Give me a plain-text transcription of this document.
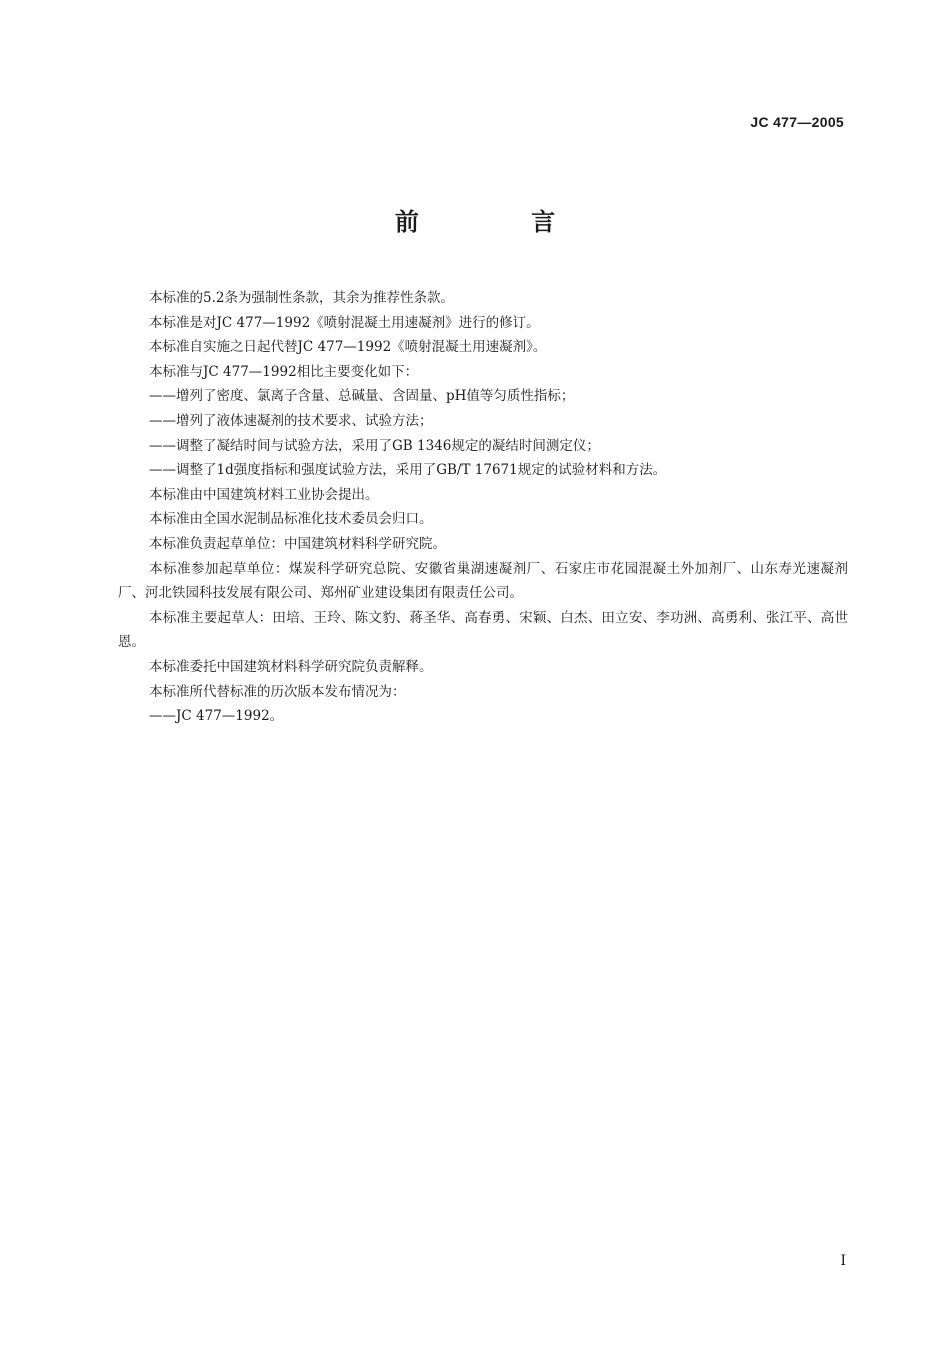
JC 477—2005
前 言

本标准的5.2条为强制性条款，其余为推荐性条款。

本标准是对JC 477—1992《喷射混凝土用速凝剂》进行的修订。

本标准自实施之日起代替JC 477—1992《喷射混凝土用速凝剂》。

本标准与JC 477—1992相比主要变化如下：

——增列了密度、氯离子含量、总碱量、含固量、pH值等匀质性指标；

——增列了液体速凝剂的技术要求、试验方法；

——调整了凝结时间与试验方法，采用了GB 1346规定的凝结时间测定仪；

——调整了1d强度指标和强度试验方法，采用了GB/T 17671规定的试验材料和方法。

本标准由中国建筑材料工业协会提出。

本标准由全国水泥制品标准化技术委员会归口。

本标准负责起草单位：中国建筑材料科学研究院。

本标准参加起草单位：煤炭科学研究总院、安徽省巢湖速凝剂厂、石家庄市花园混凝土外加剂厂、山东寿光速凝剂厂、河北铁园科技发展有限公司、郑州矿业建设集团有限责任公司。

本标准主要起草人：田培、王玲、陈文豹、蒋圣华、高春勇、宋颖、白杰、田立安、李功洲、高勇利、张江平、高世恩。

本标准委托中国建筑材料科学研究院负责解释。

本标准所代替标准的历次版本发布情况为：

——JC 477—1992。

I
